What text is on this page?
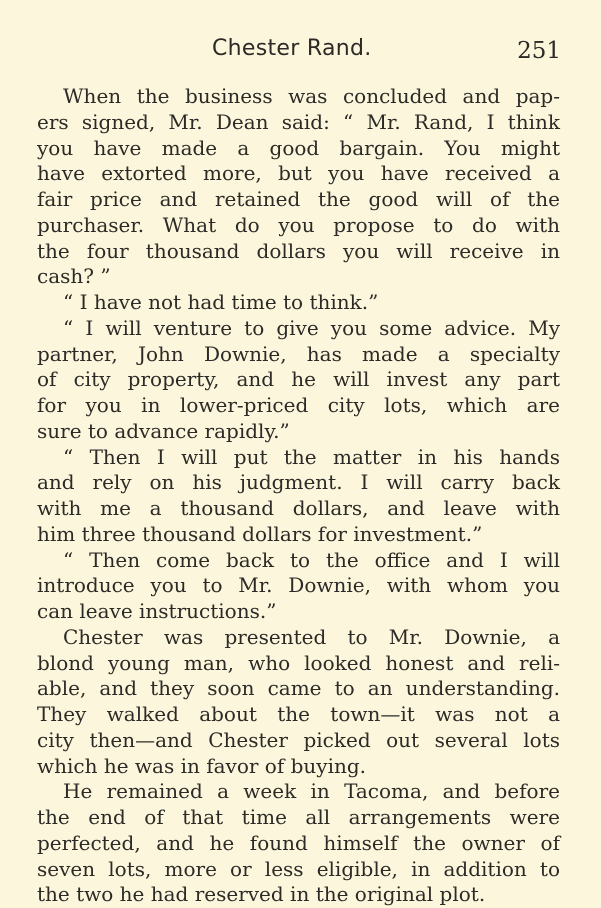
Chester Rand.	251
When the business was concluded and pap-
ers signed, Mr. Dean said: “ Mr. Rand, I think
you have made a good bargain. You might
have extorted more, but you have received a
fair price and retained the good will of the
purchaser. What do you propose to do with
the four thousand dollars you will receive in
cash? ”
“ I have not had time to think.”
“ I will venture to give you some advice. My
partner, John Downie, has made a specialty
of city property, and he will invest any part
for you in lower-priced city lots, which are
sure to advance rapidly.”
“ Then I will put the matter in his hands
and rely on his judgment. I will carry back
with me a thousand dollars, and leave with
him three thousand dollars for investment.”
“ Then come back to the office and I will
introduce you to Mr. Downie, with whom you
can leave instructions.”
Chester was presented to Mr. Downie, a
blond young man, who looked honest and reli-
able, and they soon came to an understanding.
They walked about the town—it was not a
city then—and Chester picked out several lots
which he was in favor of buying.
He remained a week in Tacoma, and before
the end of that time all arrangements were
perfected, and he found himself the owner of
seven lots, more or less eligible, in addition to
the two he had reserved in the original plot.
